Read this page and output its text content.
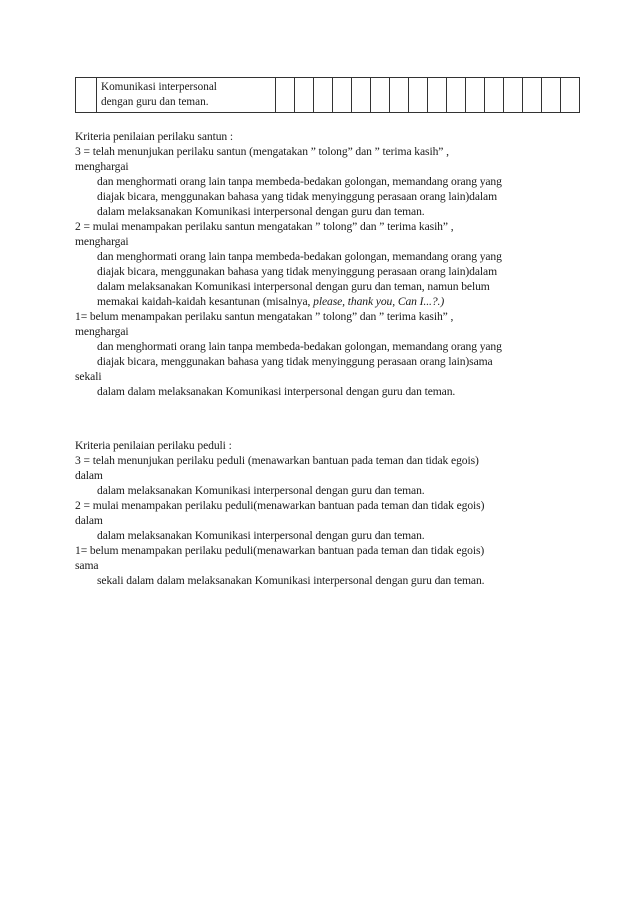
Komunikasi interpersonal
dengan guru dan teman.

Kriteria penilaian perilaku santun :
3 = telah menunjukan perilaku santun (mengatakan ” tolong” dan ” terima kasih” ,
menghargai
dan menghormati orang lain tanpa membeda-bedakan golongan, memandang orang yang
diajak bicara, menggunakan bahasa yang tidak menyinggung perasaan orang lain)dalam
dalam melaksanakan Komunikasi interpersonal dengan guru dan teman.
2 = mulai menampakan perilaku santun mengatakan ” tolong” dan ” terima kasih” ,
menghargai
dan menghormati orang lain tanpa membeda-bedakan golongan, memandang orang yang
diajak bicara, menggunakan bahasa yang tidak menyinggung perasaan orang lain)dalam
dalam melaksanakan Komunikasi interpersonal dengan guru dan teman, namun belum
memakai kaidah-kaidah kesantunan (misalnya, please, thank you, Can I...?.)
1= belum menampakan perilaku santun mengatakan ” tolong” dan ” terima kasih” ,
menghargai
dan menghormati orang lain tanpa membeda-bedakan golongan, memandang orang yang
diajak bicara, menggunakan bahasa yang tidak menyinggung perasaan orang lain)sama
sekali
dalam dalam melaksanakan Komunikasi interpersonal dengan guru dan teman.
Kriteria penilaian perilaku peduli :
3 = telah menunjukan perilaku peduli (menawarkan bantuan pada teman dan tidak egois)
dalam
dalam melaksanakan Komunikasi interpersonal dengan guru dan teman.
2 = mulai menampakan perilaku peduli(menawarkan bantuan pada teman dan tidak egois)
dalam
dalam melaksanakan Komunikasi interpersonal dengan guru dan teman.
1= belum menampakan perilaku peduli(menawarkan bantuan pada teman dan tidak egois)
sama
sekali dalam dalam melaksanakan Komunikasi interpersonal dengan guru dan teman.
